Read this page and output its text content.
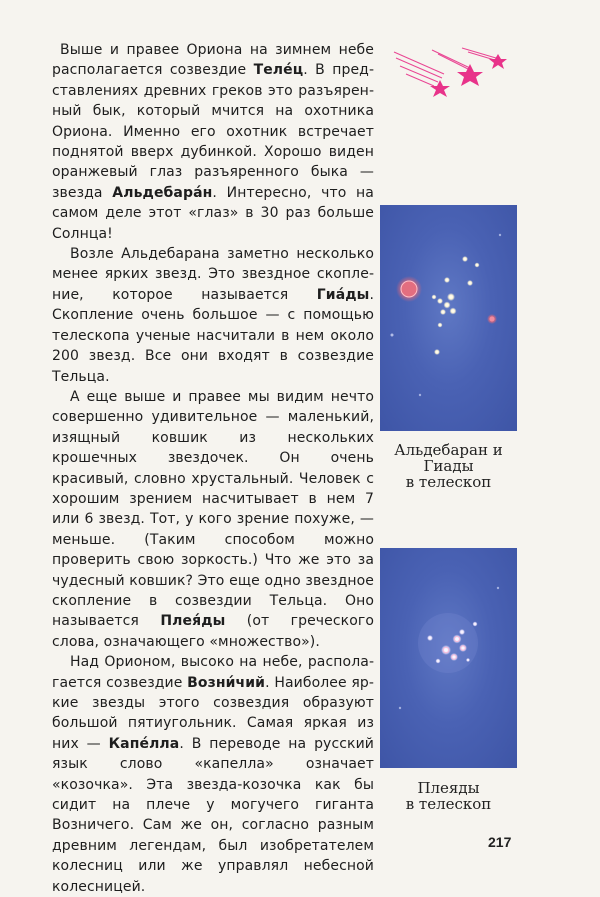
Выше и правее Ориона на зимнем небе располагается созвездие Теле́ц. В представлениях древних греков это разъяренный бык, который мчится на охотника Ориона. Именно его охотник встречает поднятой вверх дубинкой. Хорошо виден оранжевый глаз разъяренного быка — звезда Альдебара́н. Интересно, что на самом деле этот «глаз» в 30 раз больше Солнца!

Возле Альдебарана заметно несколько менее ярких звезд. Это звездное скопление, которое называется Гиа́ды. Скопление очень большое — с помощью телескопа ученые насчитали в нем около 200 звезд. Все они входят в созвездие Тельца.

А еще выше и правее мы видим нечто совершенно удивительное — маленький, изящный ковшик из нескольких крошечных звездочек. Он очень красивый, словно хрустальный. Человек с хорошим зрением насчитывает в нем 7 или 6 звезд. Тот, у кого зрение похуже, — меньше. (Таким способом можно проверить свою зоркость.) Что же это за чудесный ковшик? Это еще одно звездное скопление в созвездии Тельца. Оно называется Плея́ды (от греческого слова, означающего «множество»).

Над Орионом, высоко на небе, располагается созвездие Возни́чий. Наиболее яркие звезды этого созвездия образуют большой пятиугольник. Самая яркая из них — Капе́лла. В переводе на русский язык слово «капелла» означает «козочка». Эта звезда-козочка как бы сидит на плече у могучего гиганта Возничего. Сам же он, согласно разным древним легендам, был изобретателем колесниц или же управлял небесной колесницей.

Альдебаран и
Гиады
в телескоп
Плеяды
в телескоп
217
